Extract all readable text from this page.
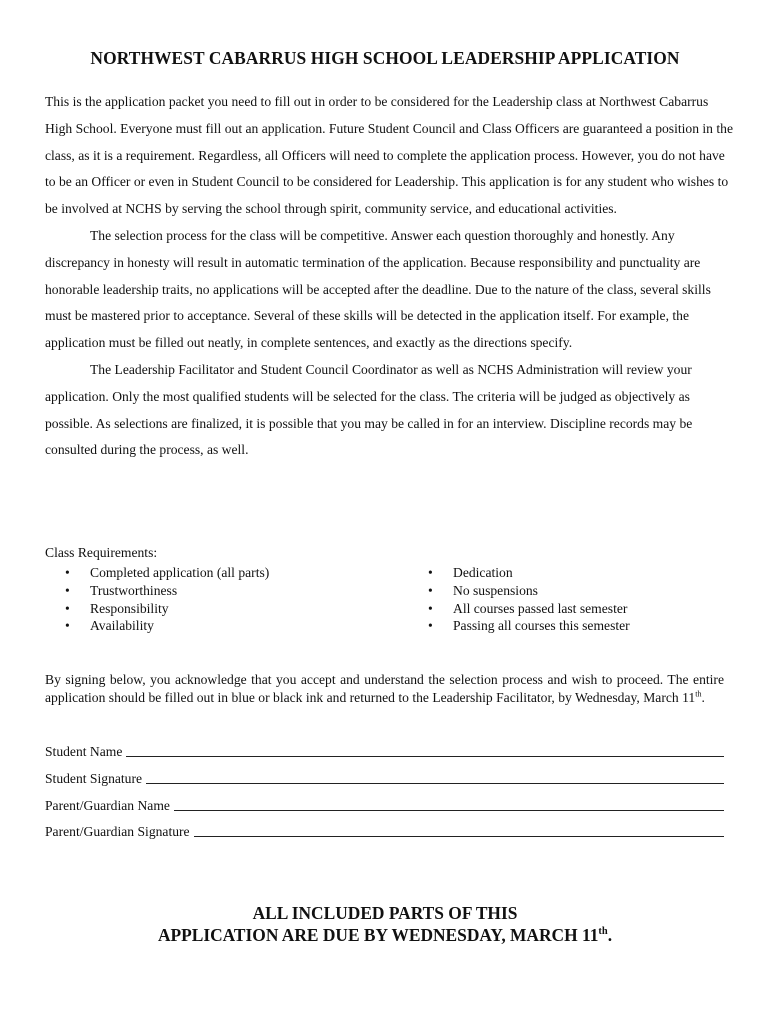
NORTHWEST CABARRUS HIGH SCHOOL LEADERSHIP APPLICATION

This is the application packet you need to fill out in order to be considered for the Leadership class at Northwest Cabarrus High School. Everyone must fill out an application. Future Student Council and Class Officers are guaranteed a position in the class, as it is a requirement. Regardless, all Officers will need to complete the application process. However, you do not have to be an Officer or even in Student Council to be considered for Leadership. This application is for any student who wishes to be involved at NCHS by serving the school through spirit, community service, and educational activities.

The selection process for the class will be competitive. Answer each question thoroughly and honestly. Any discrepancy in honesty will result in automatic termination of the application. Because responsibility and punctuality are honorable leadership traits, no applications will be accepted after the deadline. Due to the nature of the class, several skills must be mastered prior to acceptance. Several of these skills will be detected in the application itself. For example, the application must be filled out neatly, in complete sentences, and exactly as the directions specify.

The Leadership Facilitator and Student Council Coordinator as well as NCHS Administration will review your application. Only the most qualified students will be selected for the class. The criteria will be judged as objectively as possible. As selections are finalized, it is possible that you may be called in for an interview. Discipline records may be consulted during the process, as well.

Class Requirements:
• Completed application (all parts)
• Trustworthiness
• Responsibility
• Availability
• Dedication
• No suspensions
• All courses passed last semester
• Passing all courses this semester
By signing below, you acknowledge that you accept and understand the selection process and wish to proceed. The entire application should be filled out in blue or black ink and returned to the Leadership Facilitator, by Wednesday, March 11th.
Student Name
Student Signature
Parent/Guardian Name
Parent/Guardian Signature
ALL INCLUDED PARTS OF THIS
APPLICATION ARE DUE BY WEDNESDAY, MARCH 11th.
